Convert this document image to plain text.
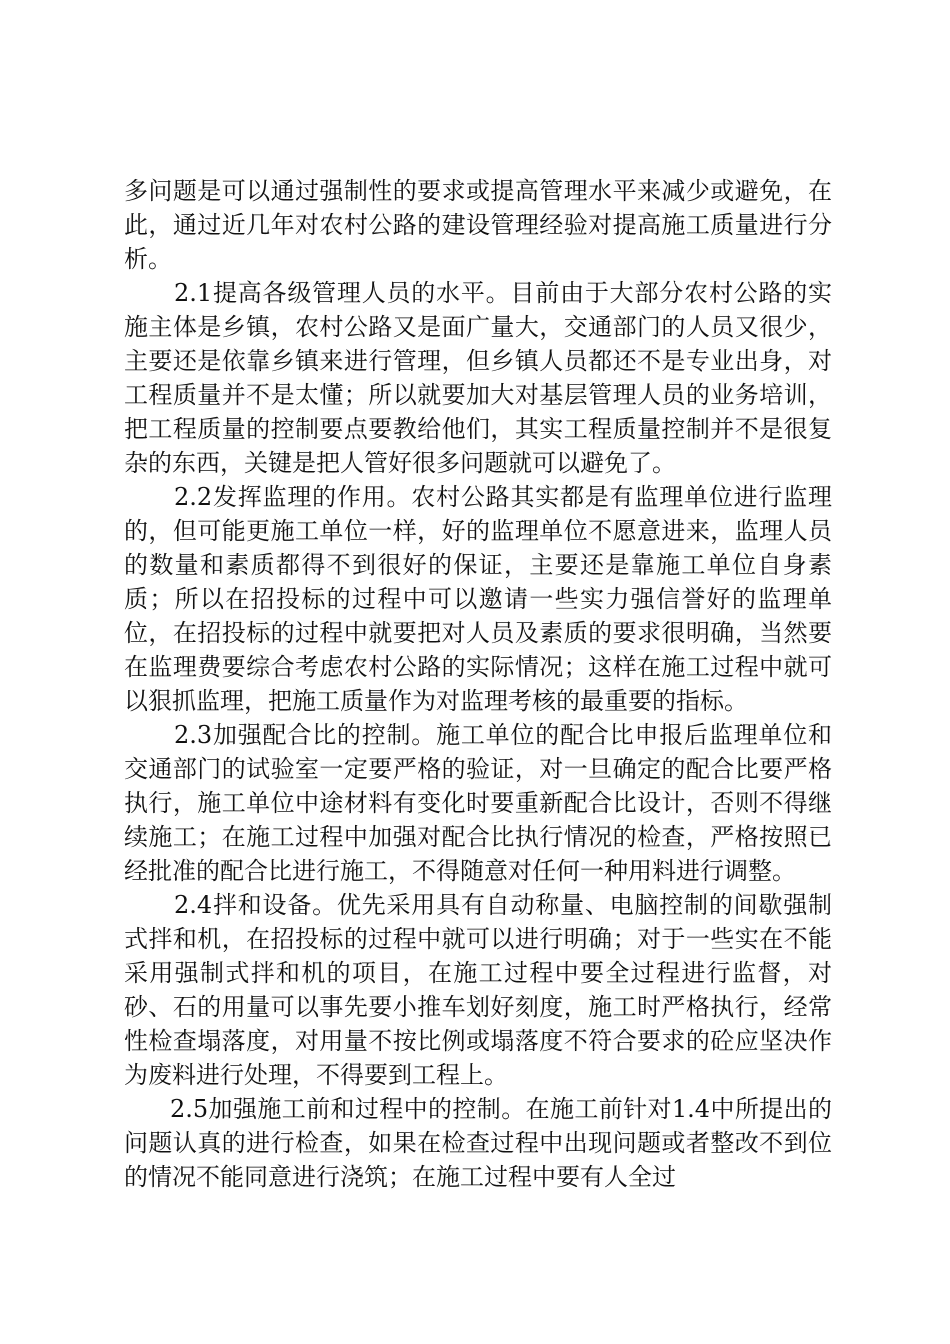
多问题是可以通过强制性的要求或提高管理水平来减少或避免，在此，通过近几年对农村公路的建设管理经验对提高施工质量进行分析。

2.1提高各级管理人员的水平。目前由于大部分农村公路的实施主体是乡镇，农村公路又是面广量大，交通部门的人员又很少，主要还是依靠乡镇来进行管理，但乡镇人员都还不是专业出身，对工程质量并不是太懂；所以就要加大对基层管理人员的业务培训，把工程质量的控制要点要教给他们，其实工程质量控制并不是很复杂的东西，关键是把人管好很多问题就可以避免了。

2.2发挥监理的作用。农村公路其实都是有监理单位进行监理的，但可能更施工单位一样，好的监理单位不愿意进来，监理人员的数量和素质都得不到很好的保证，主要还是靠施工单位自身素质；所以在招投标的过程中可以邀请一些实力强信誉好的监理单位，在招投标的过程中就要把对人员及素质的要求很明确，当然要在监理费要综合考虑农村公路的实际情况；这样在施工过程中就可以狠抓监理，把施工质量作为对监理考核的最重要的指标。

2.3加强配合比的控制。施工单位的配合比申报后监理单位和交通部门的试验室一定要严格的验证，对一旦确定的配合比要严格执行，施工单位中途材料有变化时要重新配合比设计，否则不得继续施工；在施工过程中加强对配合比执行情况的检查，严格按照已经批准的配合比进行施工，不得随意对任何一种用料进行调整。

2.4拌和设备。优先采用具有自动称量、电脑控制的间歇强制式拌和机，在招投标的过程中就可以进行明确；对于一些实在不能采用强制式拌和机的项目，在施工过程中要全过程进行监督，对砂、石的用量可以事先要小推车划好刻度，施工时严格执行，经常性检查塌落度，对用量不按比例或塌落度不符合要求的砼应坚决作为废料进行处理，不得要到工程上。

2.5加强施工前和过程中的控制。在施工前针对1.4中所提出的问题认真的进行检查，如果在检查过程中出现问题或者整改不到位的情况不能同意进行浇筑；在施工过程中要有人全过
